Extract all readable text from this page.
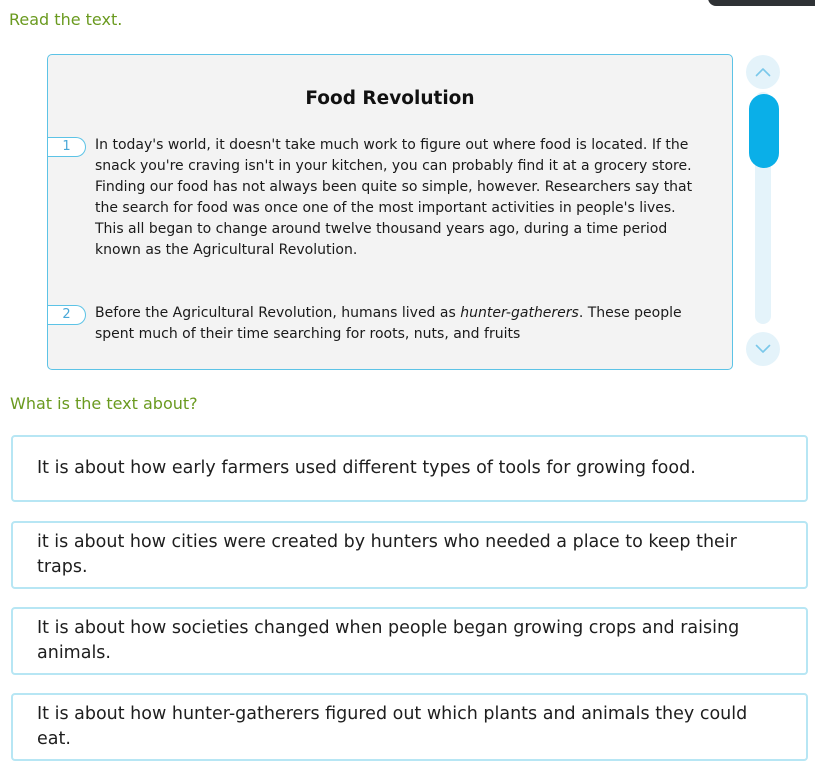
Read the text.
Food Revolution
1	In today's world, it doesn't take much work to figure out where food is located. If the snack you're craving isn't in your kitchen, you can probably find it at a grocery store. Finding our food has not always been quite so simple, however. Researchers say that the search for food was once one of the most important activities in people's lives. This all began to change around twelve thousand years ago, during a time period known as the Agricultural Revolution.
2	Before the Agricultural Revolution, humans lived as hunter-gatherers. These people spent much of their time searching for roots, nuts, and fruits
What is the text about?
It is about how early farmers used different types of tools for growing food.
it is about how cities were created by hunters who needed a place to keep their traps.
It is about how societies changed when people began growing crops and raising animals.
It is about how hunter-gatherers figured out which plants and animals they could eat.
